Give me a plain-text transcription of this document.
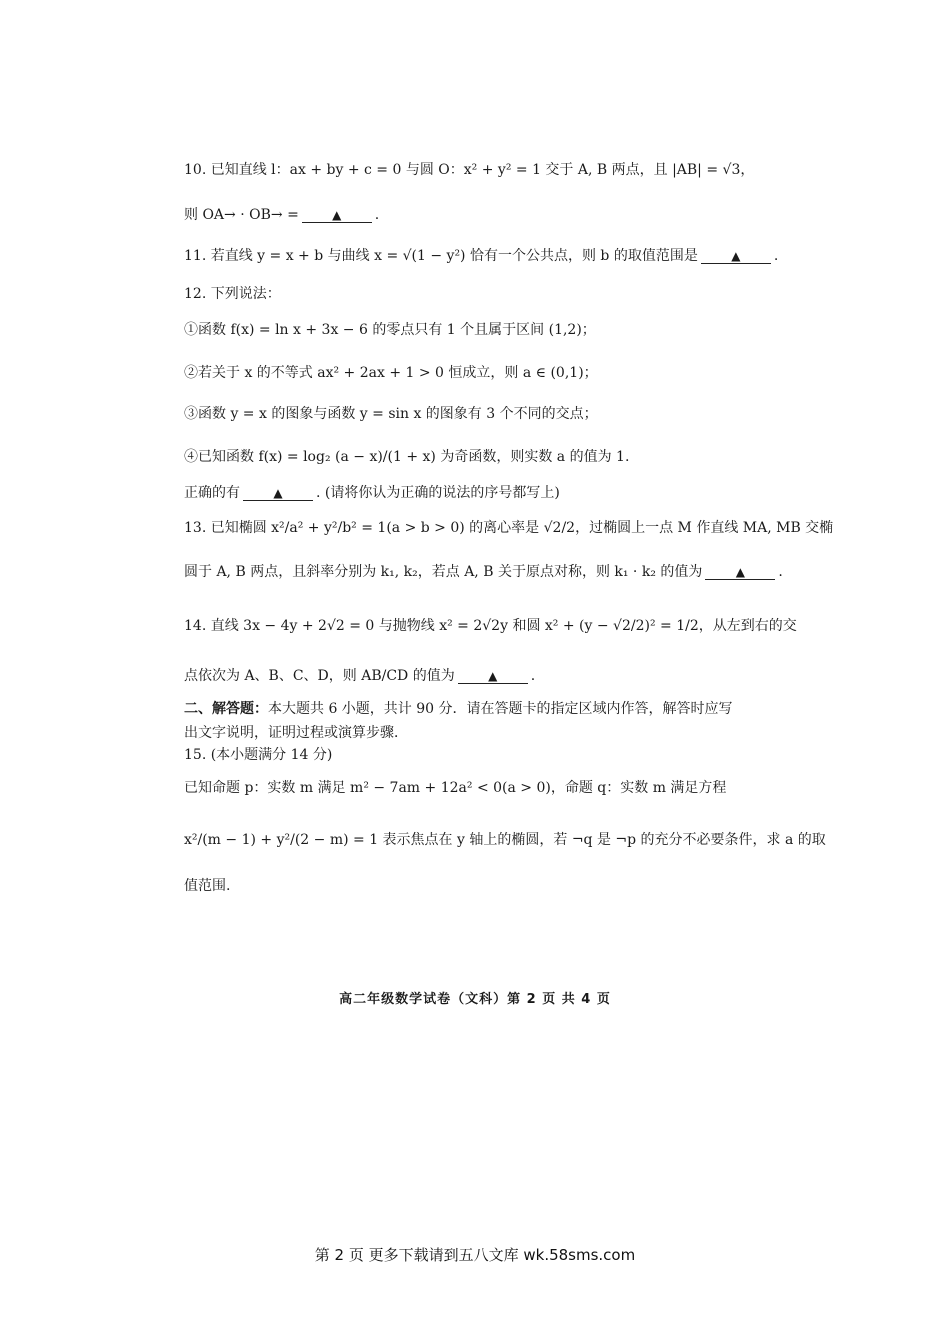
10. 已知直线 l：ax + by + c = 0 与圆 O：x² + y² = 1 交于 A, B 两点，且 |AB| = √3，
则 OA→ · OB→ =	▲ .
11. 若直线 y = x + b 与曲线 x = √(1 − y²) 恰有一个公共点，则 b 的取值范围是	▲ .
12. 下列说法：
①函数 f(x) = ln x + 3x − 6 的零点只有 1 个且属于区间 (1,2)；
②若关于 x 的不等式 ax² + 2ax + 1 > 0 恒成立，则 a ∈ (0,1)；
③函数 y = x 的图象与函数 y = sin x 的图象有 3 个不同的交点；
④已知函数 f(x) = log₂ (a − x)/(1 + x) 为奇函数，则实数 a 的值为 1.
正确的有	▲ . (请将你认为正确的说法的序号都写上)
13. 已知椭圆 x²/a² + y²/b² = 1(a > b > 0) 的离心率是 √2/2，过椭圆上一点 M 作直线 MA, MB 交椭
圆于 A, B 两点，且斜率分别为 k₁, k₂，若点 A, B 关于原点对称，则 k₁ · k₂ 的值为	▲ .
14. 直线 3x − 4y + 2√2 = 0 与抛物线 x² = 2√2y 和圆 x² + (y − √2/2)² = 1/2，从左到右的交
点依次为 A、B、C、D，则 AB/CD 的值为	▲ .
二、解答题：本大题共 6 小题，共计 90 分．请在答题卡的指定区域内作答，解答时应写
出文字说明，证明过程或演算步骤．
15. (本小题满分 14 分)
已知命题 p：实数 m 满足 m² − 7am + 12a² < 0(a > 0)，命题 q：实数 m 满足方程
x²/(m − 1) + y²/(2 − m) = 1 表示焦点在 y 轴上的椭圆，若 ¬q 是 ¬p 的充分不必要条件，求 a 的取
值范围.
高二年级数学试卷（文科）第 2 页 共 4 页
第 2 页 更多下载请到五八文库 wk.58sms.com
